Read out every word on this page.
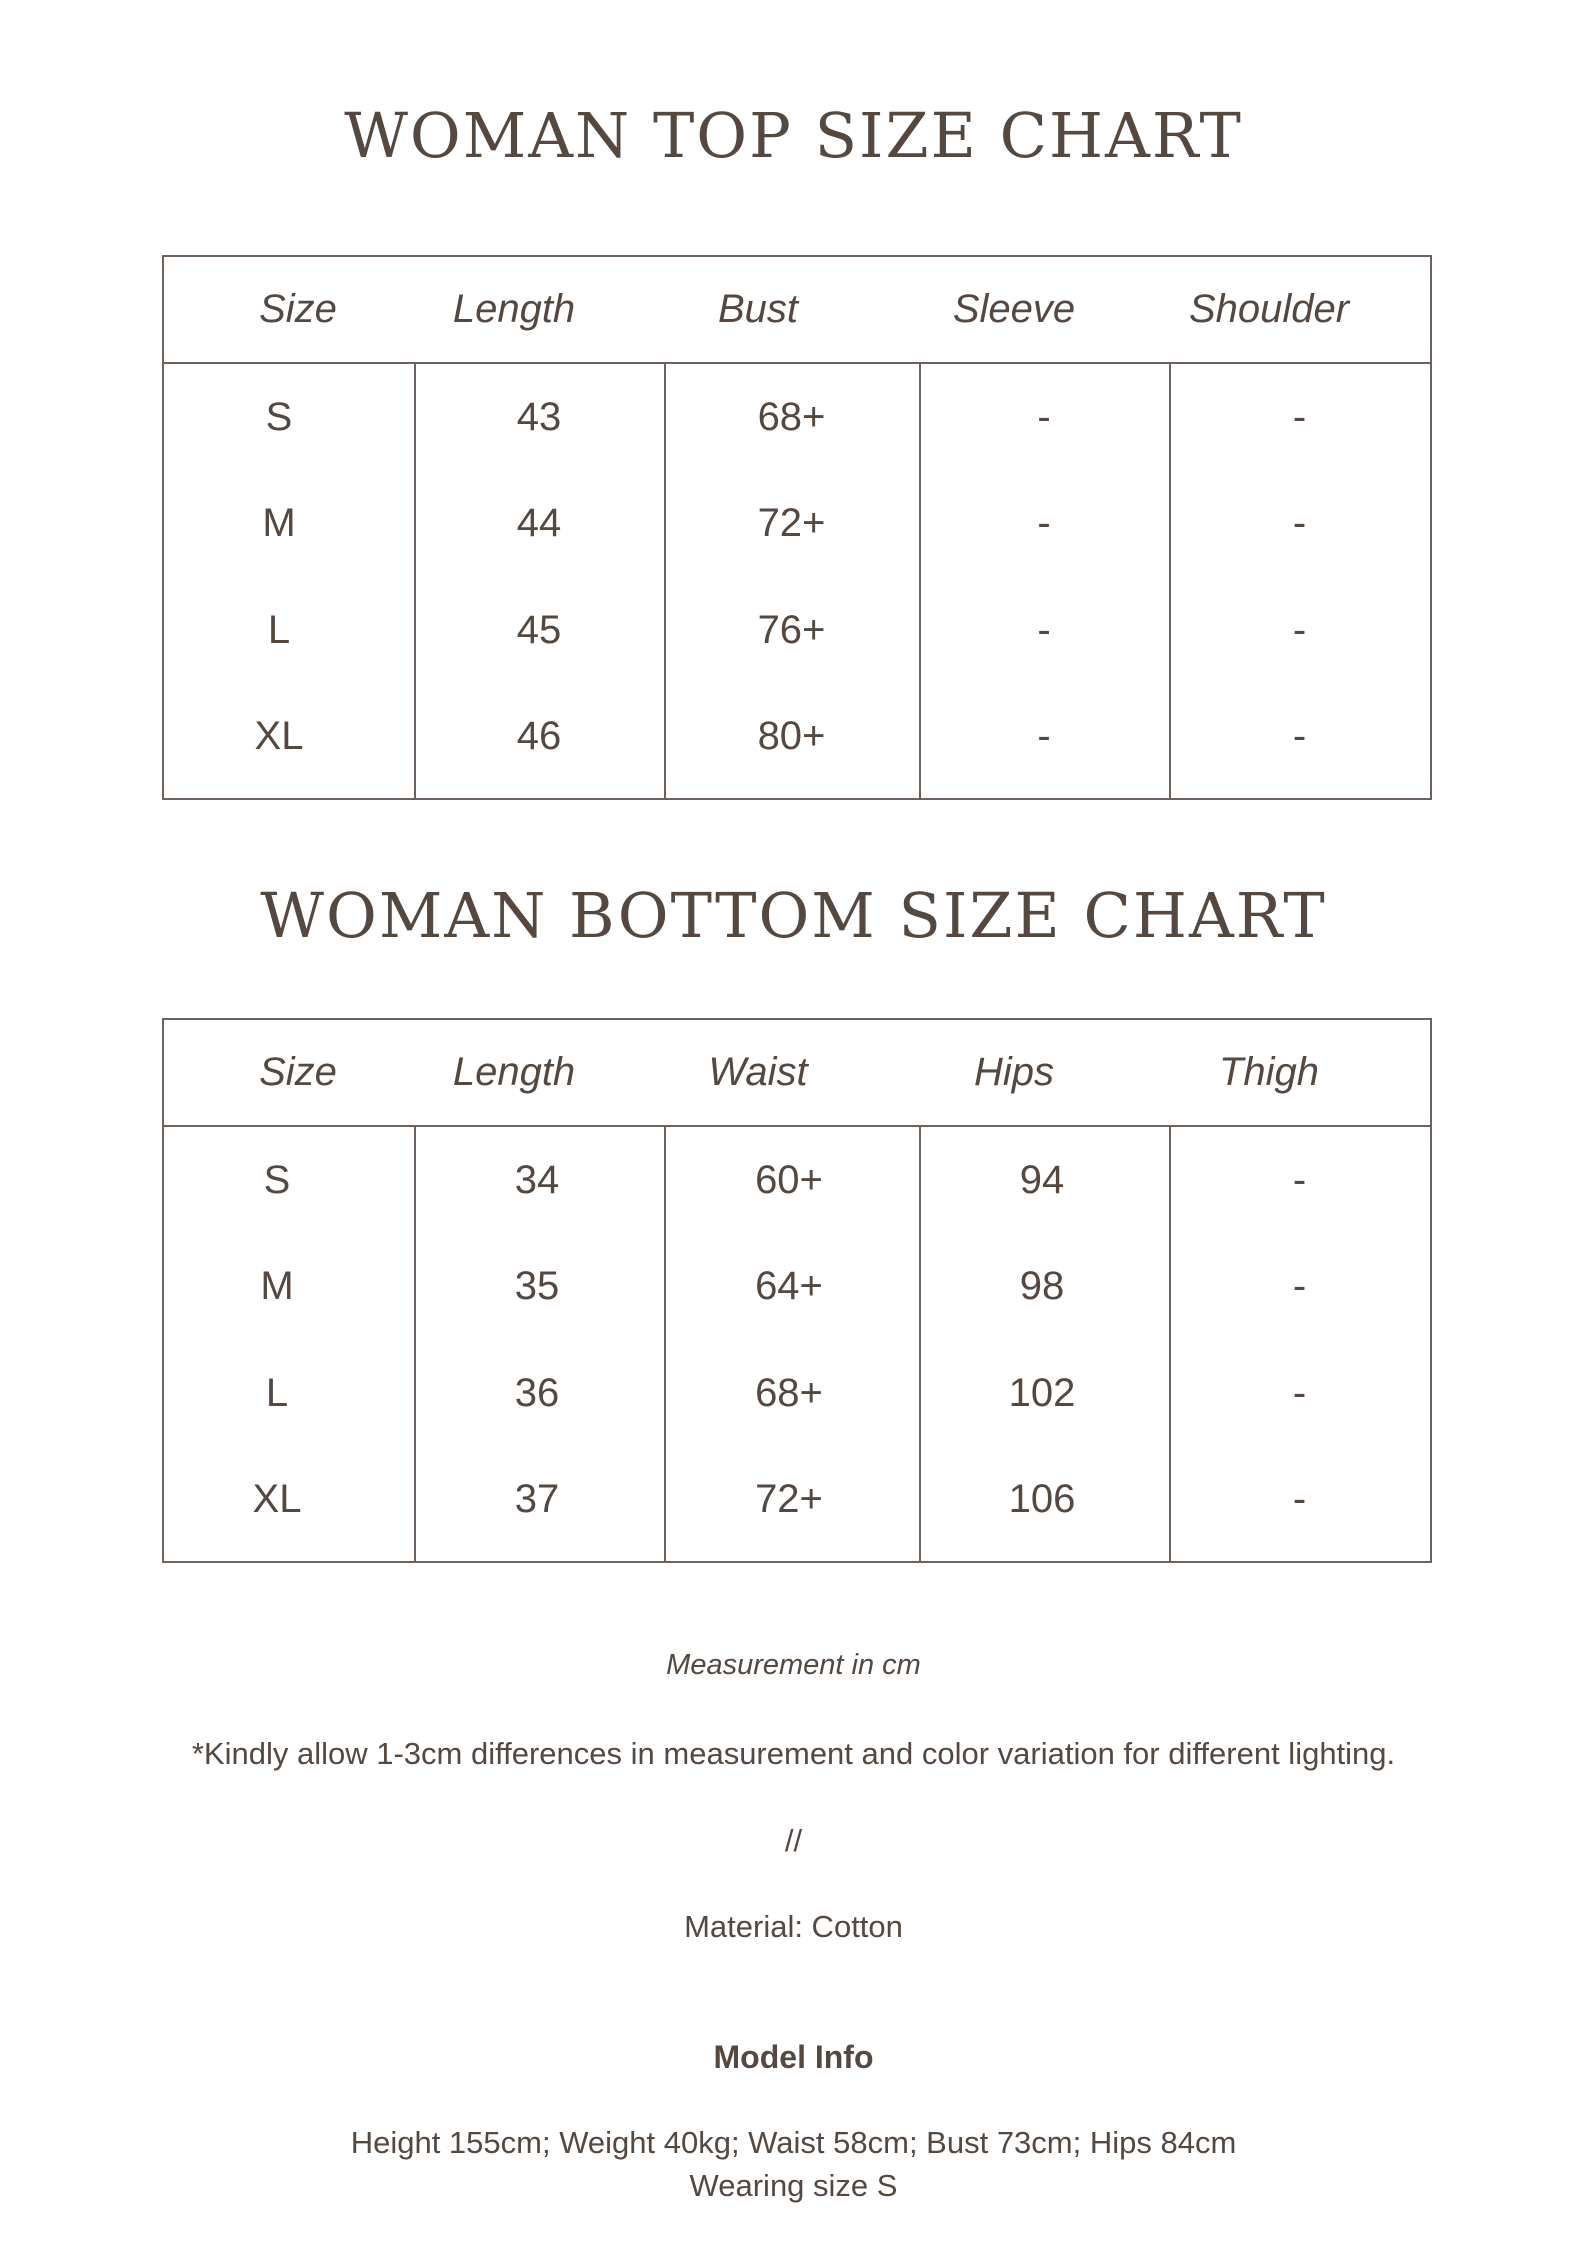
WOMAN TOP SIZE CHART
Size	Length	Bust	Sleeve	Shoulder
S	43	68+	-	-
M	44	72+	-	-
L	45	76+	-	-
XL	46	80+	-	-
WOMAN BOTTOM SIZE CHART
Size	Length	Waist	Hips	Thigh
S	34	60+	94	-
M	35	64+	98	-
L	36	68+	102	-
XL	37	72+	106	-
Measurement in cm
*Kindly allow 1-3cm differences in measurement and color variation for different lighting.
//
Material: Cotton
Model Info
Height 155cm; Weight 40kg; Waist 58cm; Bust 73cm; Hips 84cm
Wearing size S
